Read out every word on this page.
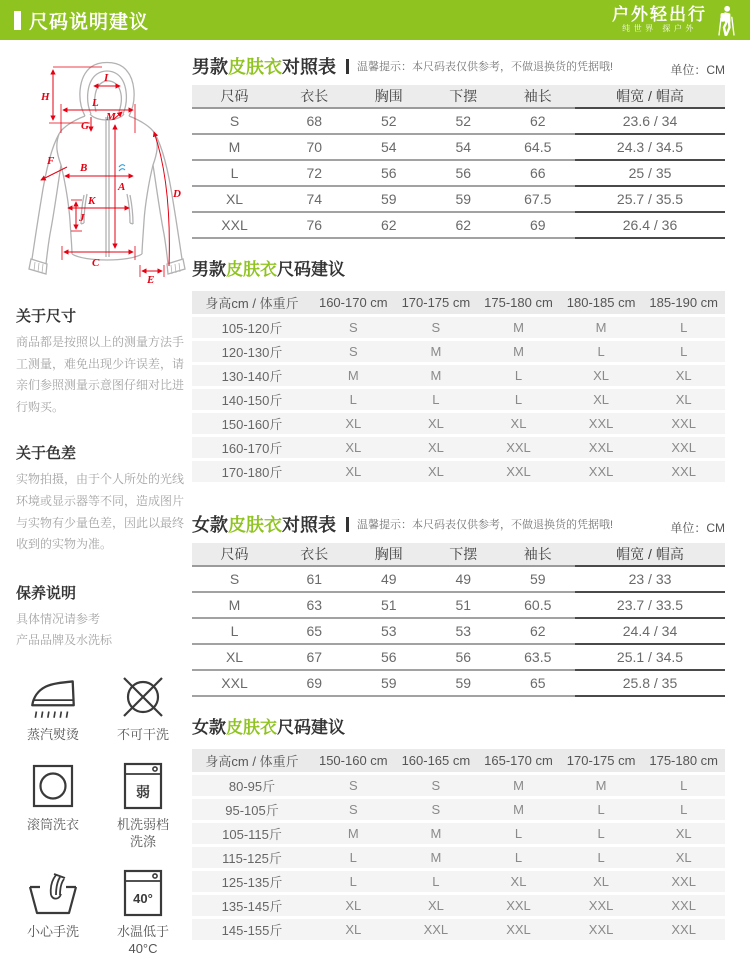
尺码说明建议	户外轻出行
纯世界 探户外
H
I
L
M
G
A
B
F
K
J
D
C
E
关于尺寸

商品都是按照以上的测量方法手工测量，难免出现少许误差，请亲们参照测量示意图仔细对比进行购买。

关于色差

实物拍摄，由于个人所处的光线环境或显示器等不同，造成图片与实物有少量色差，因此以最终收到的实物为准。

保养说明

具体情况请参考
产品品牌及水洗标

蒸汽熨烫	不可干洗
滚筒洗衣
弱
机洗弱档
洗涤
小心手洗
40°
水温低于
40°C
男款 皮肤衣 对照表 温馨提示：本尺码表仅供参考，不做退换货的凭据哦!	单位：CM
尺码	衣长	胸围	下摆	袖长	帽宽 / 帽高
S	68	52	52	62	23.6 / 34
M	70	54	54	64.5	24.3 / 34.5
L	72	56	56	66	25 / 35
XL	74	59	59	67.5	25.7 / 35.5
XXL	76	62	62	69	26.4 / 36
男款皮肤衣尺码建议
身高cm / 体重斤	160-170 cm	170-175 cm	175-180 cm	180-185 cm	185-190 cm
105-120斤	S	S	M	M	L
120-130斤	S	M	M	L	L
130-140斤	M	M	L	XL	XL
140-150斤	L	L	L	XL	XL
150-160斤	XL	XL	XL	XXL	XXL
160-170斤	XL	XL	XXL	XXL	XXL
170-180斤	XL	XL	XXL	XXL	XXL
女款 皮肤衣 对照表 温馨提示：本尺码表仅供参考，不做退换货的凭据哦!	单位：CM
尺码	衣长	胸围	下摆	袖长	帽宽 / 帽高
S	61	49	49	59	23 / 33
M	63	51	51	60.5	23.7 / 33.5
L	65	53	53	62	24.4 / 34
XL	67	56	56	63.5	25.1 / 34.5
XXL	69	59	59	65	25.8 / 35
女款皮肤衣尺码建议
身高cm / 体重斤	150-160 cm	160-165 cm	165-170 cm	170-175 cm	175-180 cm
80-95斤	S	S	M	M	L
95-105斤	S	S	M	L	L
105-115斤	M	M	L	L	XL
115-125斤	L	M	L	L	XL
125-135斤	L	L	XL	XL	XXL
135-145斤	XL	XL	XXL	XXL	XXL
145-155斤	XL	XXL	XXL	XXL	XXL
